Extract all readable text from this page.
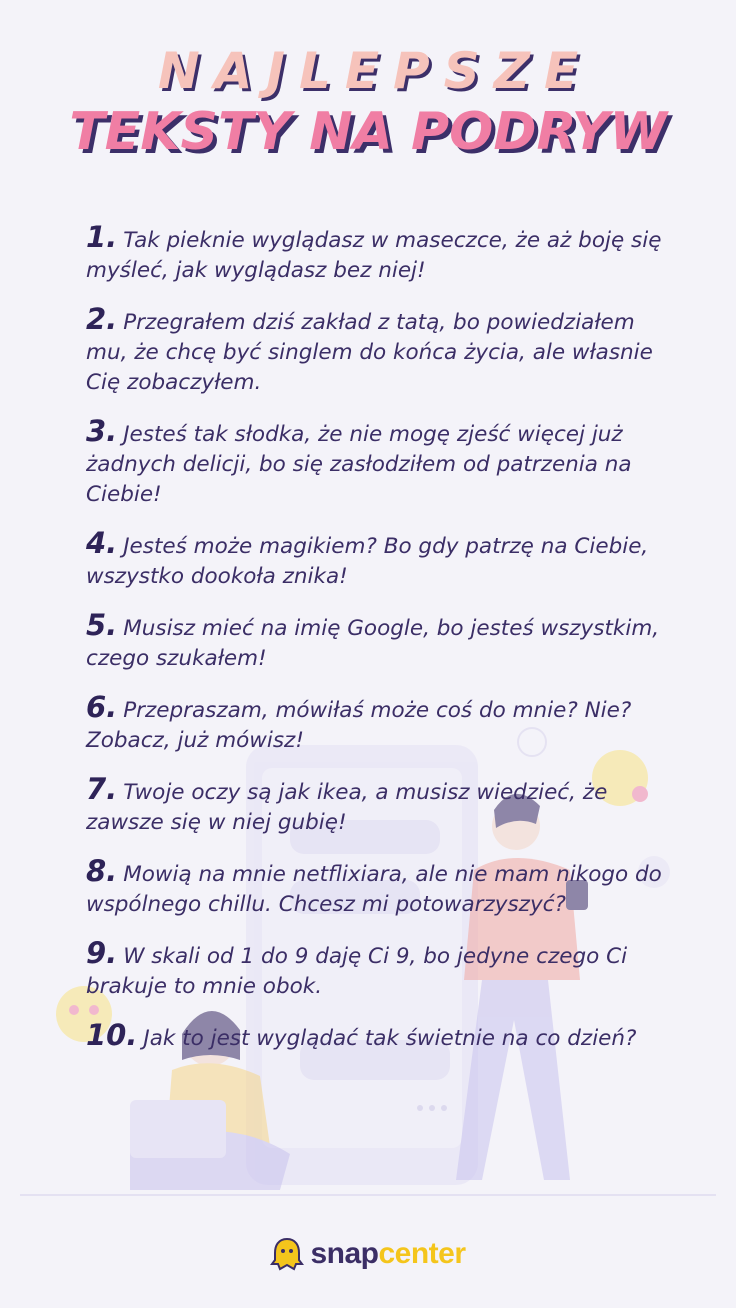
NAJLEPSZE
TEKSTY NA PODRYW
1. Tak pieknie wyglądasz w maseczce, że aż boję się myśleć, jak wyglądasz bez niej!
2. Przegrałem dziś zakład z tatą, bo powiedziałem mu, że chcę być singlem do końca życia, ale własnie Cię zobaczyłem.
3. Jesteś tak słodka, że nie mogę zjeść więcej już żadnych delicji, bo się zasłodziłem od patrzenia na Ciebie!
4. Jesteś może magikiem? Bo gdy patrzę na Ciebie, wszystko dookoła znika!
5. Musisz mieć na imię Google, bo jesteś wszystkim, czego szukałem!
6. Przepraszam, mówiłaś może coś do mnie? Nie? Zobacz, już mówisz!
7. Twoje oczy są jak ikea, a musisz wiedzieć, że zawsze się w niej gubię!
8. Mowią na mnie netflixiara, ale nie mam nikogo do wspólnego chillu. Chcesz mi potowarzyszyć?
9. W skali od 1 do 9 daję Ci 9, bo jedyne czego Ci brakuje to mnie obok.
10. Jak to jest wyglądać tak świetnie na co dzień?
snapcenter
